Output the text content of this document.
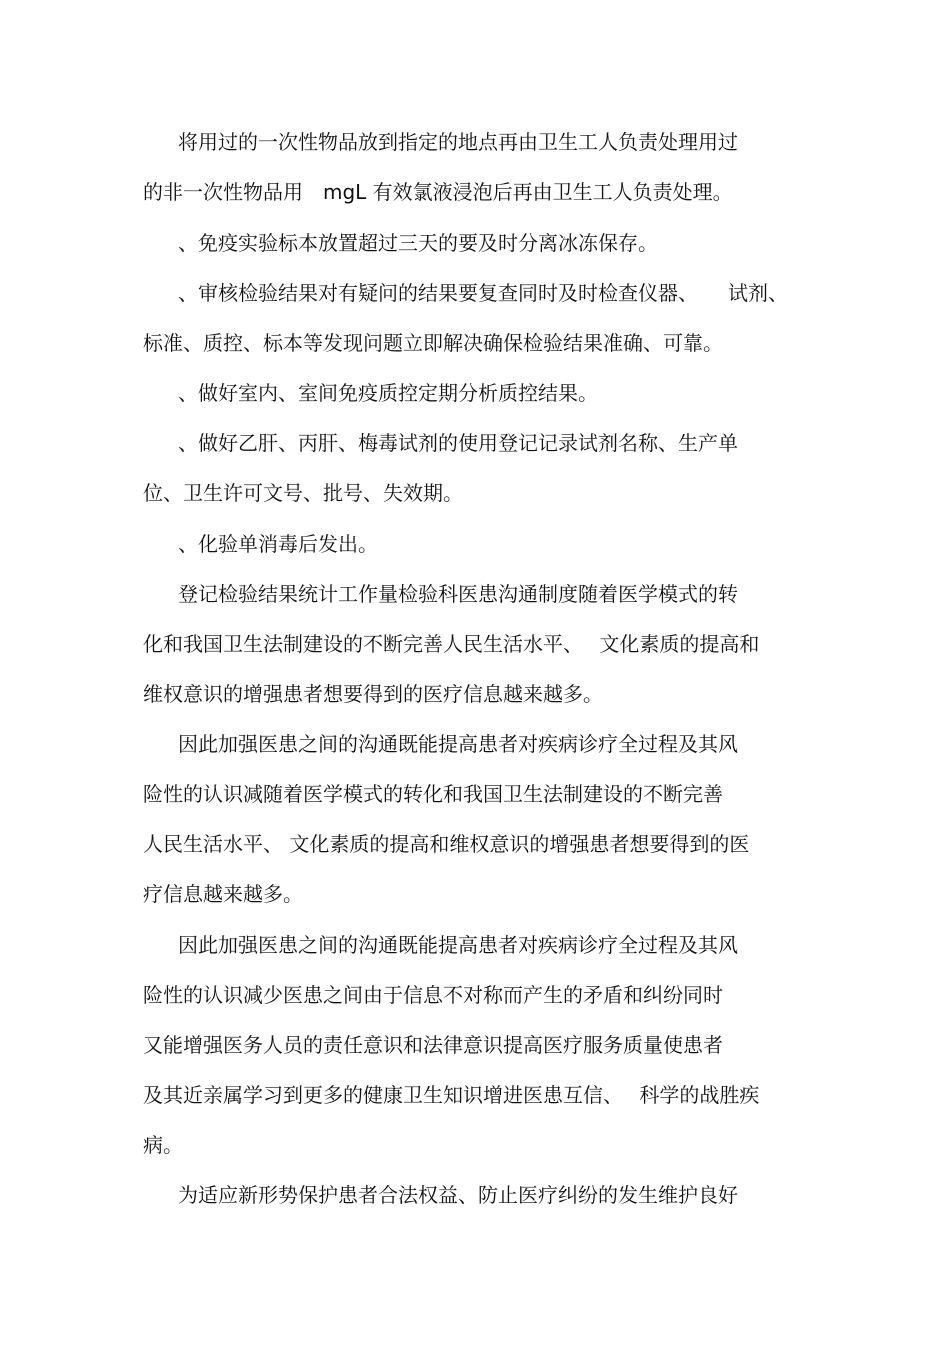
将用过的一次性物品放到指定的地点再由卫生工人负责处理用过
的非一次性物品用　mgL 有效氯液浸泡后再由卫生工人负责处理。
、免疫实验标本放置超过三天的要及时分离冰冻保存。
、审核检验结果对有疑问的结果要复查同时及时检查仪器、　　试剂、
标准、质控、标本等发现问题立即解决确保检验结果准确、可靠。
、做好室内、室间免疫质控定期分析质控结果。
、做好乙肝、丙肝、梅毒试剂的使用登记记录试剂名称、生产单
位、卫生许可文号、批号、失效期。
、化验单消毒后发出。
登记检验结果统计工作量检验科医患沟通制度随着医学模式的转
化和我国卫生法制建设的不断完善人民生活水平、　 文化素质的提高和
维权意识的增强患者想要得到的医疗信息越来越多。
因此加强医患之间的沟通既能提高患者对疾病诊疗全过程及其风
险性的认识减随着医学模式的转化和我国卫生法制建设的不断完善
人民生活水平、 文化素质的提高和维权意识的增强患者想要得到的医
疗信息越来越多。
因此加强医患之间的沟通既能提高患者对疾病诊疗全过程及其风
险性的认识减少医患之间由于信息不对称而产生的矛盾和纠纷同时
又能增强医务人员的责任意识和法律意识提高医疗服务质量使患者
及其近亲属学习到更多的健康卫生知识增进医患互信、　 科学的战胜疾
病。
为适应新形势保护患者合法权益、防止医疗纠纷的发生维护良好
